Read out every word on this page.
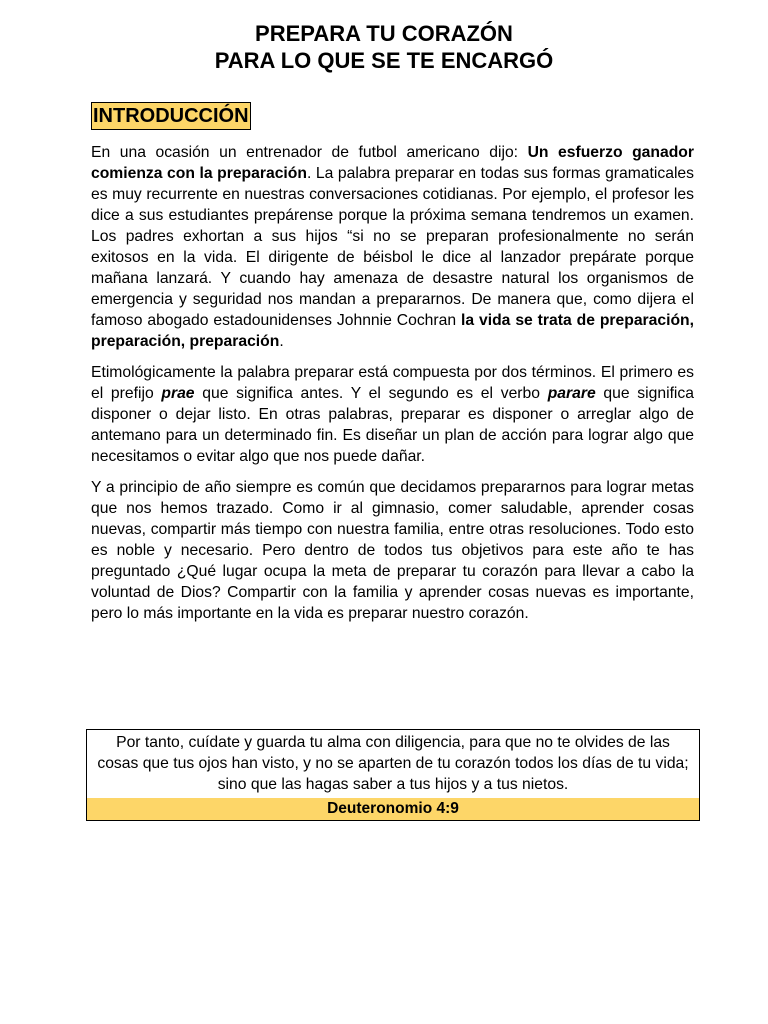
PREPARA TU CORAZÓN
PARA LO QUE SE TE ENCARGÓ
INTRODUCCIÓN

En una ocasión un entrenador de futbol americano dijo: Un esfuerzo ganador comienza con la preparación. La palabra preparar en todas sus formas gramaticales es muy recurrente en nuestras conversaciones cotidianas. Por ejemplo, el profesor les dice a sus estudiantes prepárense porque la próxima semana tendremos un examen. Los padres exhortan a sus hijos “si no se preparan profesionalmente no serán exitosos en la vida. El dirigente de béisbol le dice al lanzador prepárate porque mañana lanzará. Y cuando hay amenaza de desastre natural los organismos de emergencia y seguridad nos mandan a prepararnos. De manera que, como dijera el famoso abogado estadounidenses Johnnie Cochran la vida se trata de preparación, preparación, preparación.

Etimológicamente la palabra preparar está compuesta por dos términos. El primero es el prefijo prae que significa antes. Y el segundo es el verbo parare que significa disponer o dejar listo. En otras palabras, preparar es disponer o arreglar algo de antemano para un determinado fin. Es diseñar un plan de acción para lograr algo que necesitamos o evitar algo que nos puede dañar.

Y a principio de año siempre es común que decidamos prepararnos para lograr metas que nos hemos trazado. Como ir al gimnasio, comer saludable, aprender cosas nuevas, compartir más tiempo con nuestra familia, entre otras resoluciones. Todo esto es noble y necesario. Pero dentro de todos tus objetivos para este año te has preguntado ¿Qué lugar ocupa la meta de preparar tu corazón para llevar a cabo la voluntad de Dios? Compartir con la familia y aprender cosas nuevas es importante, pero lo más importante en la vida es preparar nuestro corazón.

Por tanto, cuídate y guarda tu alma con diligencia, para que no te olvides de las cosas que tus ojos han visto, y no se aparten de tu corazón todos los días de tu vida; sino que las hagas saber a tus hijos y a tus nietos.
Deuteronomio 4:9
